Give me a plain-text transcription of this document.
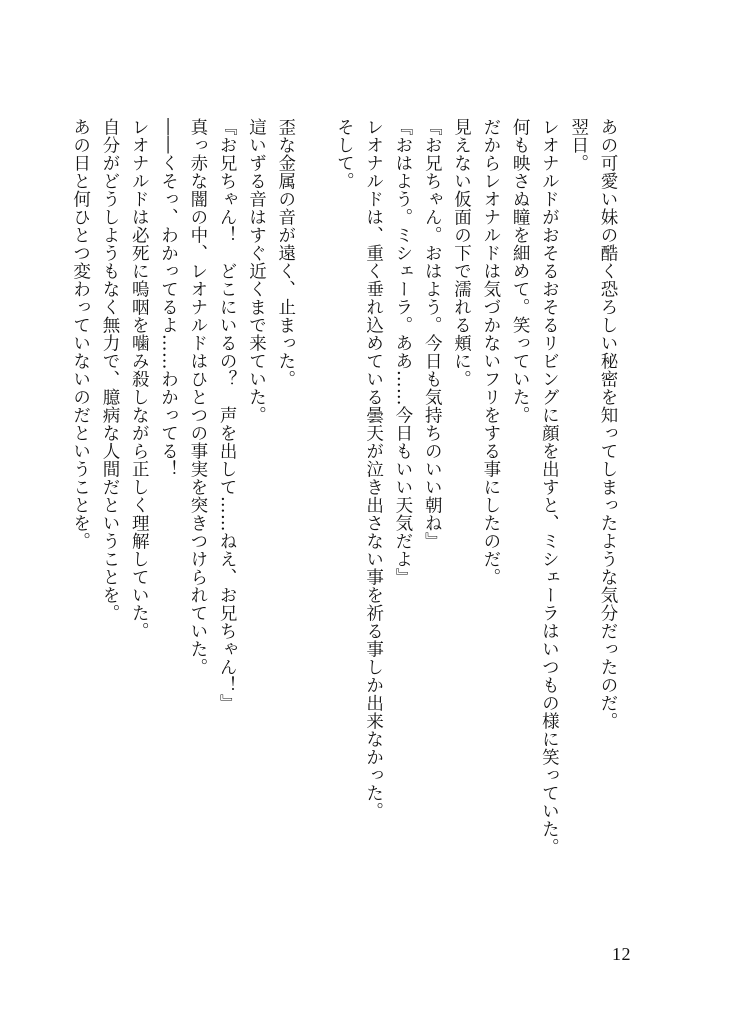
あの可愛い妹の酷く恐ろしい秘密を知ってしまったような気分だったのだ。
翌日。
レオナルドがおそるおそるリビングに顔を出すと、ミシェーラはいつもの様に笑っていた。
何も映さぬ瞳を細めて。笑っていた。
だからレオナルドは気づかないフリをする事にしたのだ。
見えない仮面の下で濡れる頬に。
『お兄ちゃん。おはよう。今日も気持ちのいい朝ね』
『おはよう。ミシェーラ。ああ……今日もいい天気だよ』
レオナルドは、重く垂れ込めている曇天が泣き出さない事を祈る事しか出来なかった。
そして。
歪な金属の音が遠く、止まった。
這いずる音はすぐ近くまで来ていた。
『お兄ちゃん！　どこにいるの？　声を出して……ねえ、お兄ちゃん！』
真っ赤な闇の中、レオナルドはひとつの事実を突きつけられていた。
――くそっ、わかってるよ……わかってる！
レオナルドは必死に嗚咽を噛み殺しながら正しく理解していた。
自分がどうしようもなく無力で、臆病な人間だということを。
あの日と何ひとつ変わっていないのだということを。
12
